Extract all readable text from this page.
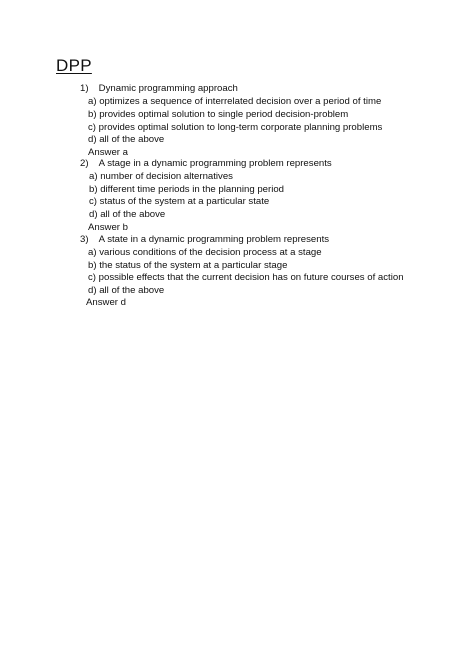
DPP
1) Dynamic programming approach
a) optimizes a sequence of interrelated decision over a period of time
b) provides optimal solution to single period decision-problem
c) provides optimal solution to long-term corporate planning problems
d) all of the above
Answer a
2) A stage in a dynamic programming problem represents
a) number of decision alternatives
b) different time periods in the planning period
c) status of the system at a particular state
d) all of the above
Answer b
3) A state in a dynamic programming problem represents
a) various conditions of the decision process at a stage
b) the status of the system at a particular stage
c) possible effects that the current decision has on future courses of action
d) all of the above
Answer d
